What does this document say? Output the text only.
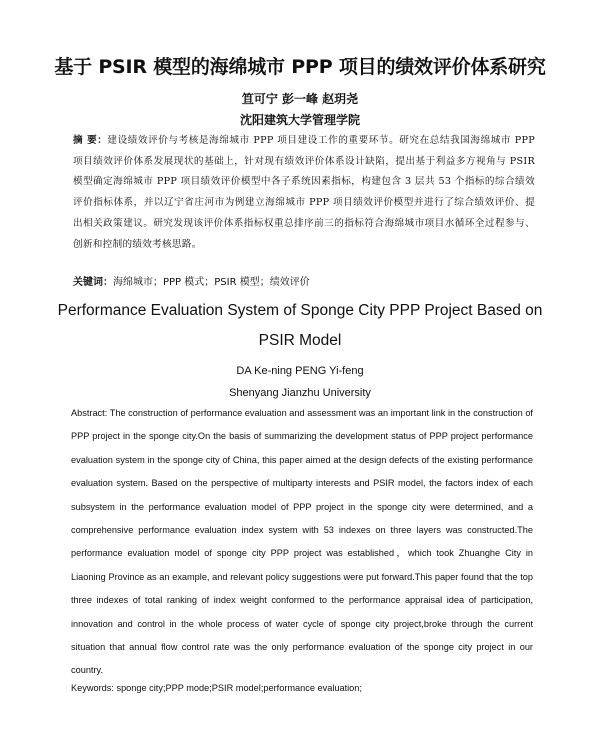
基于 PSIR 模型的海绵城市 PPP 项目的绩效评价体系研究
笪可宁 彭一峰 赵玥尧
沈阳建筑大学管理学院
摘 要：建设绩效评价与考核是海绵城市 PPP 项目建设工作的重要环节。研究在总结我国海绵城市 PPP 项目绩效评价体系发展现状的基础上，针对现有绩效评价体系设计缺陷，提出基于利益多方视角与 PSIR 模型确定海绵城市 PPP 项目绩效评价模型中各子系统因素指标，构建包含 3 层共 53 个指标的综合绩效评价指标体系，并以辽宁省庄河市为例建立海绵城市 PPP 项目绩效评价模型并进行了综合绩效评价、提出相关政策建议。研究发现该评价体系指标权重总排序前三的指标符合海绵城市项目水循环全过程参与、创新和控制的绩效考核思路。
关键词：海绵城市；PPP 模式；PSIR 模型；绩效评价
Performance Evaluation System of Sponge City PPP Project Based on PSIR Model
DA Ke-ning PENG Yi-feng
Shenyang Jianzhu University
Abstract: The construction of performance evaluation and assessment was an important link in the construction of PPP project in the sponge city.On the basis of summarizing the development status of PPP project performance evaluation system in the sponge city of China, this paper aimed at the design defects of the existing performance evaluation system. Based on the perspective of multiparty interests and PSIR model, the factors index of each subsystem in the performance evaluation model of PPP project in the sponge city were determined, and a comprehensive performance evaluation index system with 53 indexes on three layers was constructed.The performance evaluation model of sponge city PPP project was established，which took Zhuanghe City in Liaoning Province as an example, and relevant policy suggestions were put forward.This paper found that the top three indexes of total ranking of index weight conformed to the performance appraisal idea of participation, innovation and control in the whole process of water cycle of sponge city project,broke through the current situation that annual flow control rate was the only performance evaluation of the sponge city project in our country.
Keywords: sponge city;PPP mode;PSIR model;performance evaluation;
